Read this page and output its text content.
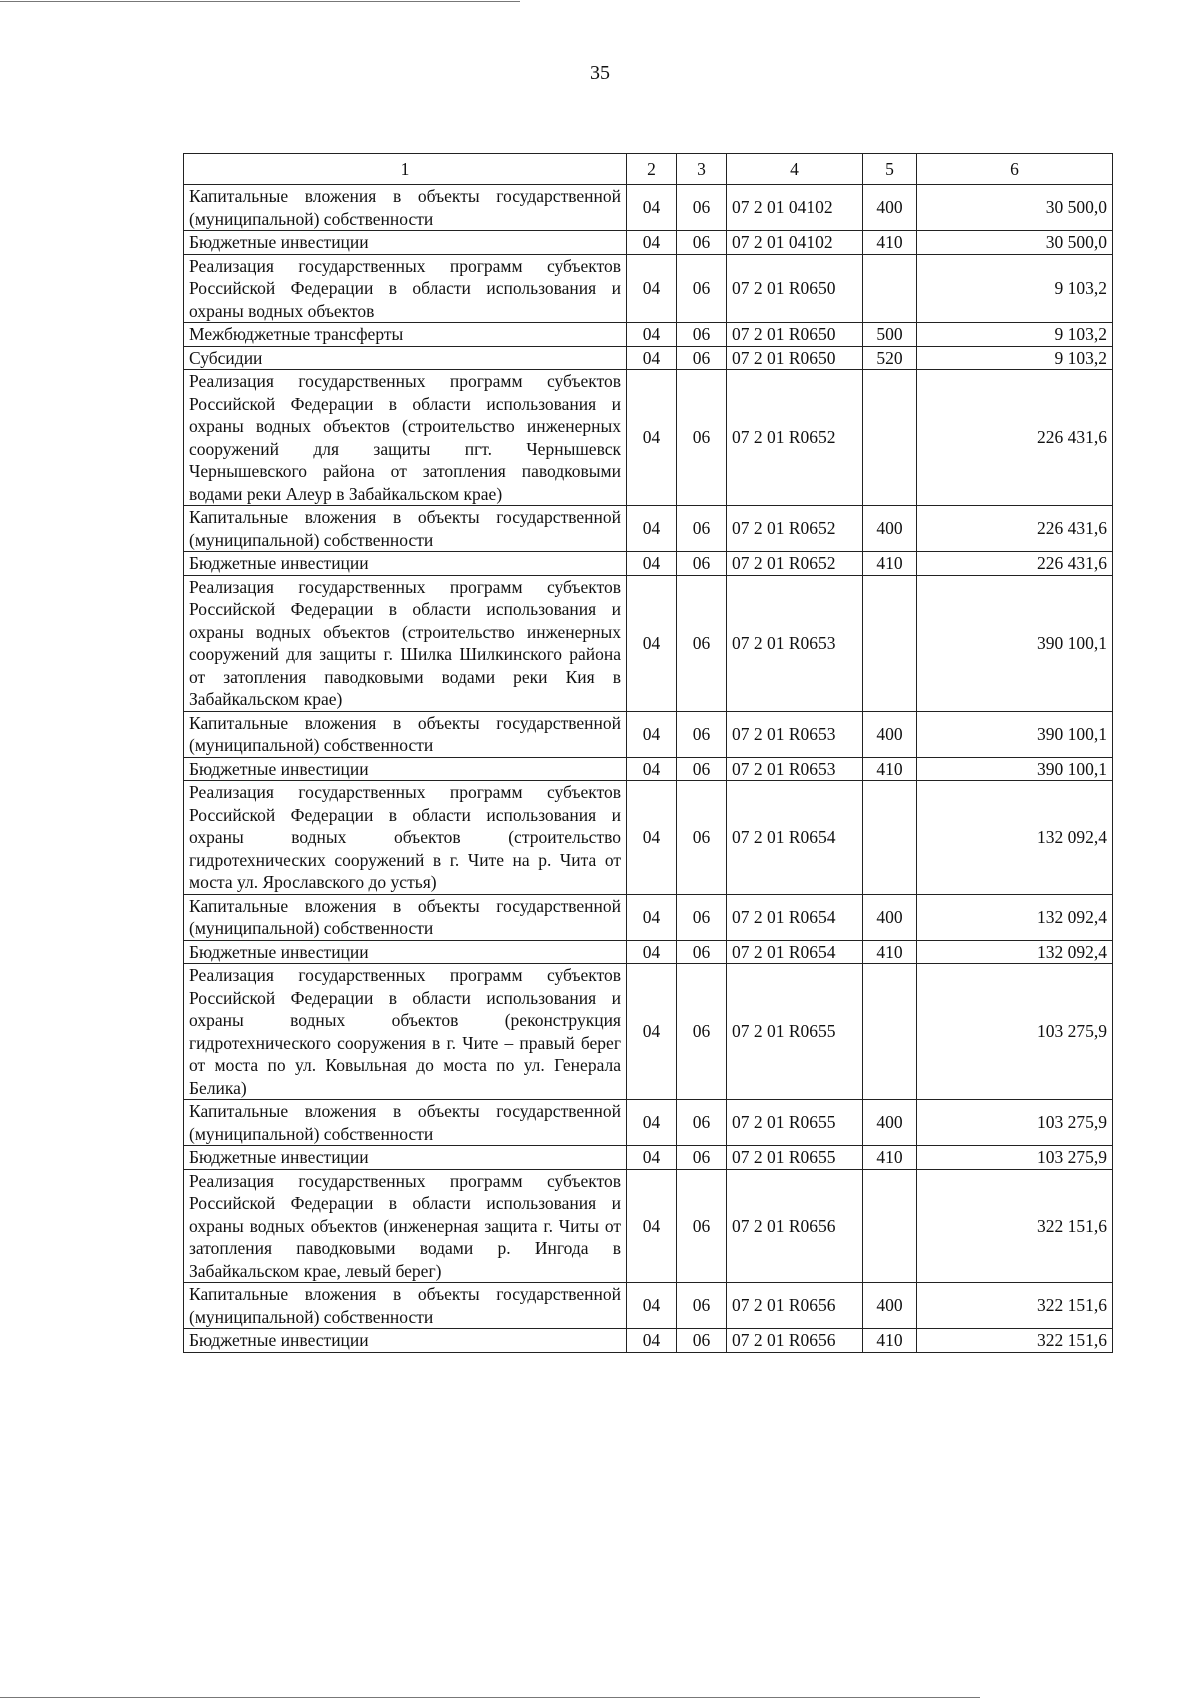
35
1	2	3	4	5	6
Капитальные вложения в объекты государственной (муниципальной) собственности	04	06	07 2 01 04102	400	30 500,0
Бюджетные инвестиции	04	06	07 2 01 04102	410	30 500,0
Реализация государственных программ субъектов Российской Федерации в области использования и охраны водных объектов	04	06	07 2 01 R0650		9 103,2
Межбюджетные трансферты	04	06	07 2 01 R0650	500	9 103,2
Субсидии	04	06	07 2 01 R0650	520	9 103,2
Реализация государственных программ субъектов Российской Федерации в области использования и охраны водных объектов (строительство инженерных сооружений для защиты пгт. Чернышевск Чернышевского района от затопления паводковыми водами реки Алеур в Забайкальском крае)	04	06	07 2 01 R0652		226 431,6
Капитальные вложения в объекты государственной (муниципальной) собственности	04	06	07 2 01 R0652	400	226 431,6
Бюджетные инвестиции	04	06	07 2 01 R0652	410	226 431,6
Реализация государственных программ субъектов Российской Федерации в области использования и охраны водных объектов (строительство инженерных сооружений для защиты г. Шилка Шилкинского района от затопления паводковыми водами реки Кия в Забайкальском крае)	04	06	07 2 01 R0653		390 100,1
Капитальные вложения в объекты государственной (муниципальной) собственности	04	06	07 2 01 R0653	400	390 100,1
Бюджетные инвестиции	04	06	07 2 01 R0653	410	390 100,1
Реализация государственных программ субъектов Российской Федерации в области использования и охраны водных объектов (строительство гидротехнических сооружений в г. Чите на р. Чита от моста ул. Ярославского до устья)	04	06	07 2 01 R0654		132 092,4
Капитальные вложения в объекты государственной (муниципальной) собственности	04	06	07 2 01 R0654	400	132 092,4
Бюджетные инвестиции	04	06	07 2 01 R0654	410	132 092,4
Реализация государственных программ субъектов Российской Федерации в области использования и охраны водных объектов (реконструкция гидротехнического сооружения в г. Чите – правый берег от моста по ул. Ковыльная до моста по ул. Генерала Белика)	04	06	07 2 01 R0655		103 275,9
Капитальные вложения в объекты государственной (муниципальной) собственности	04	06	07 2 01 R0655	400	103 275,9
Бюджетные инвестиции	04	06	07 2 01 R0655	410	103 275,9
Реализация государственных программ субъектов Российской Федерации в области использования и охраны водных объектов (инженерная защита г. Читы от затопления паводковыми водами р. Ингода в Забайкальском крае, левый берег)	04	06	07 2 01 R0656		322 151,6
Капитальные вложения в объекты государственной (муниципальной) собственности	04	06	07 2 01 R0656	400	322 151,6
Бюджетные инвестиции	04	06	07 2 01 R0656	410	322 151,6
